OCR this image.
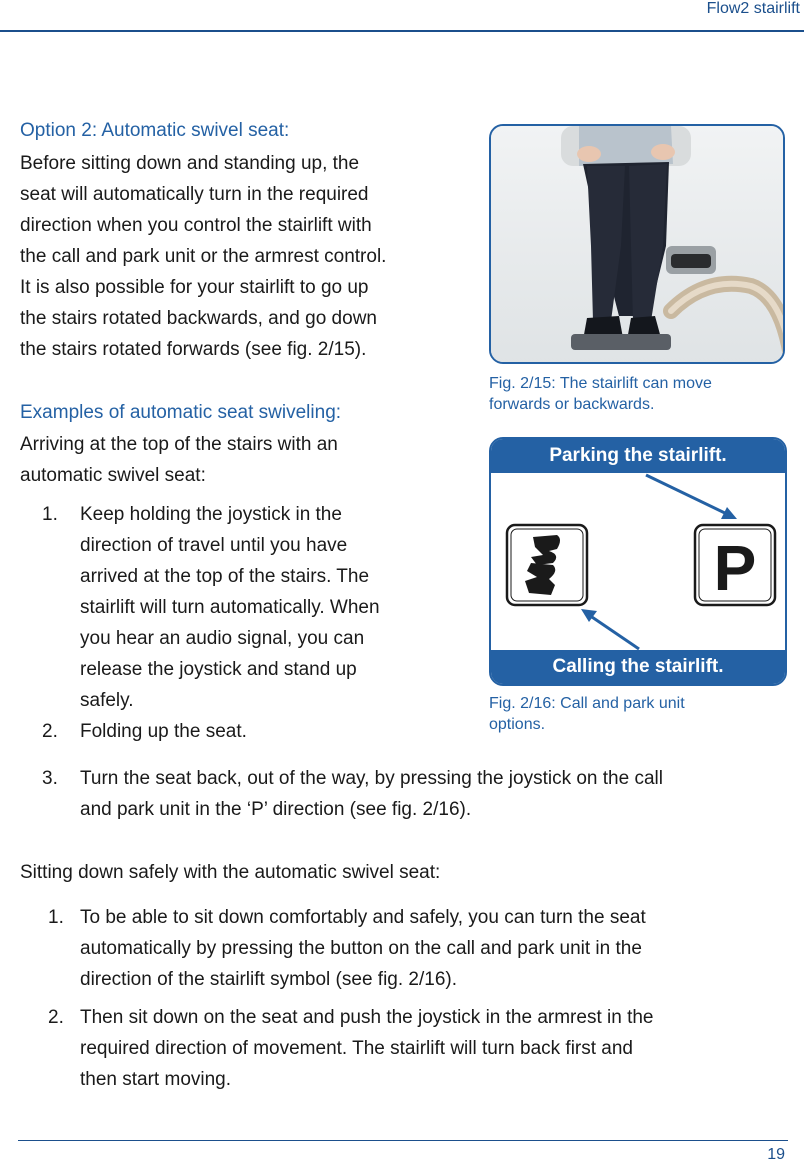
Flow2 stairlift
Option 2: Automatic swivel seat:
Before sitting down and standing up, the
seat will automatically turn in the required
direction when you control the stairlift with
the call and park unit or the armrest control.
It is also possible for your stairlift to go up
the stairs rotated backwards, and go down
the stairs rotated forwards (see fig. 2/15).
Examples of automatic seat swiveling:
Arriving at the top of the stairs with an
automatic swivel seat:
1. Keep holding the joystick in the
direction of travel until you have
arrived at the top of the stairs. The
stairlift will turn automatically. When
you hear an audio signal, you can
release the joystick and stand up
safely.
2. Folding up the seat.
3. Turn the seat back, out of the way, by pressing the joystick on the call
and park unit in the ‘P’ direction (see fig. 2/16).
Sitting down safely with the automatic swivel seat:
1. To be able to sit down comfortably and safely, you can turn the seat
automatically by pressing the button on the call and park unit in the
direction of the stairlift symbol (see fig. 2/16).
2. Then sit down on the seat and push the joystick in the armrest in the
required direction of movement. The stairlift will turn back first and
then start moving.
Fig. 2/15: The stairlift can move
forwards or backwards.
Parking the stairlift.
Calling the stairlift.
P
Fig. 2/16: Call and park unit
options.
19
